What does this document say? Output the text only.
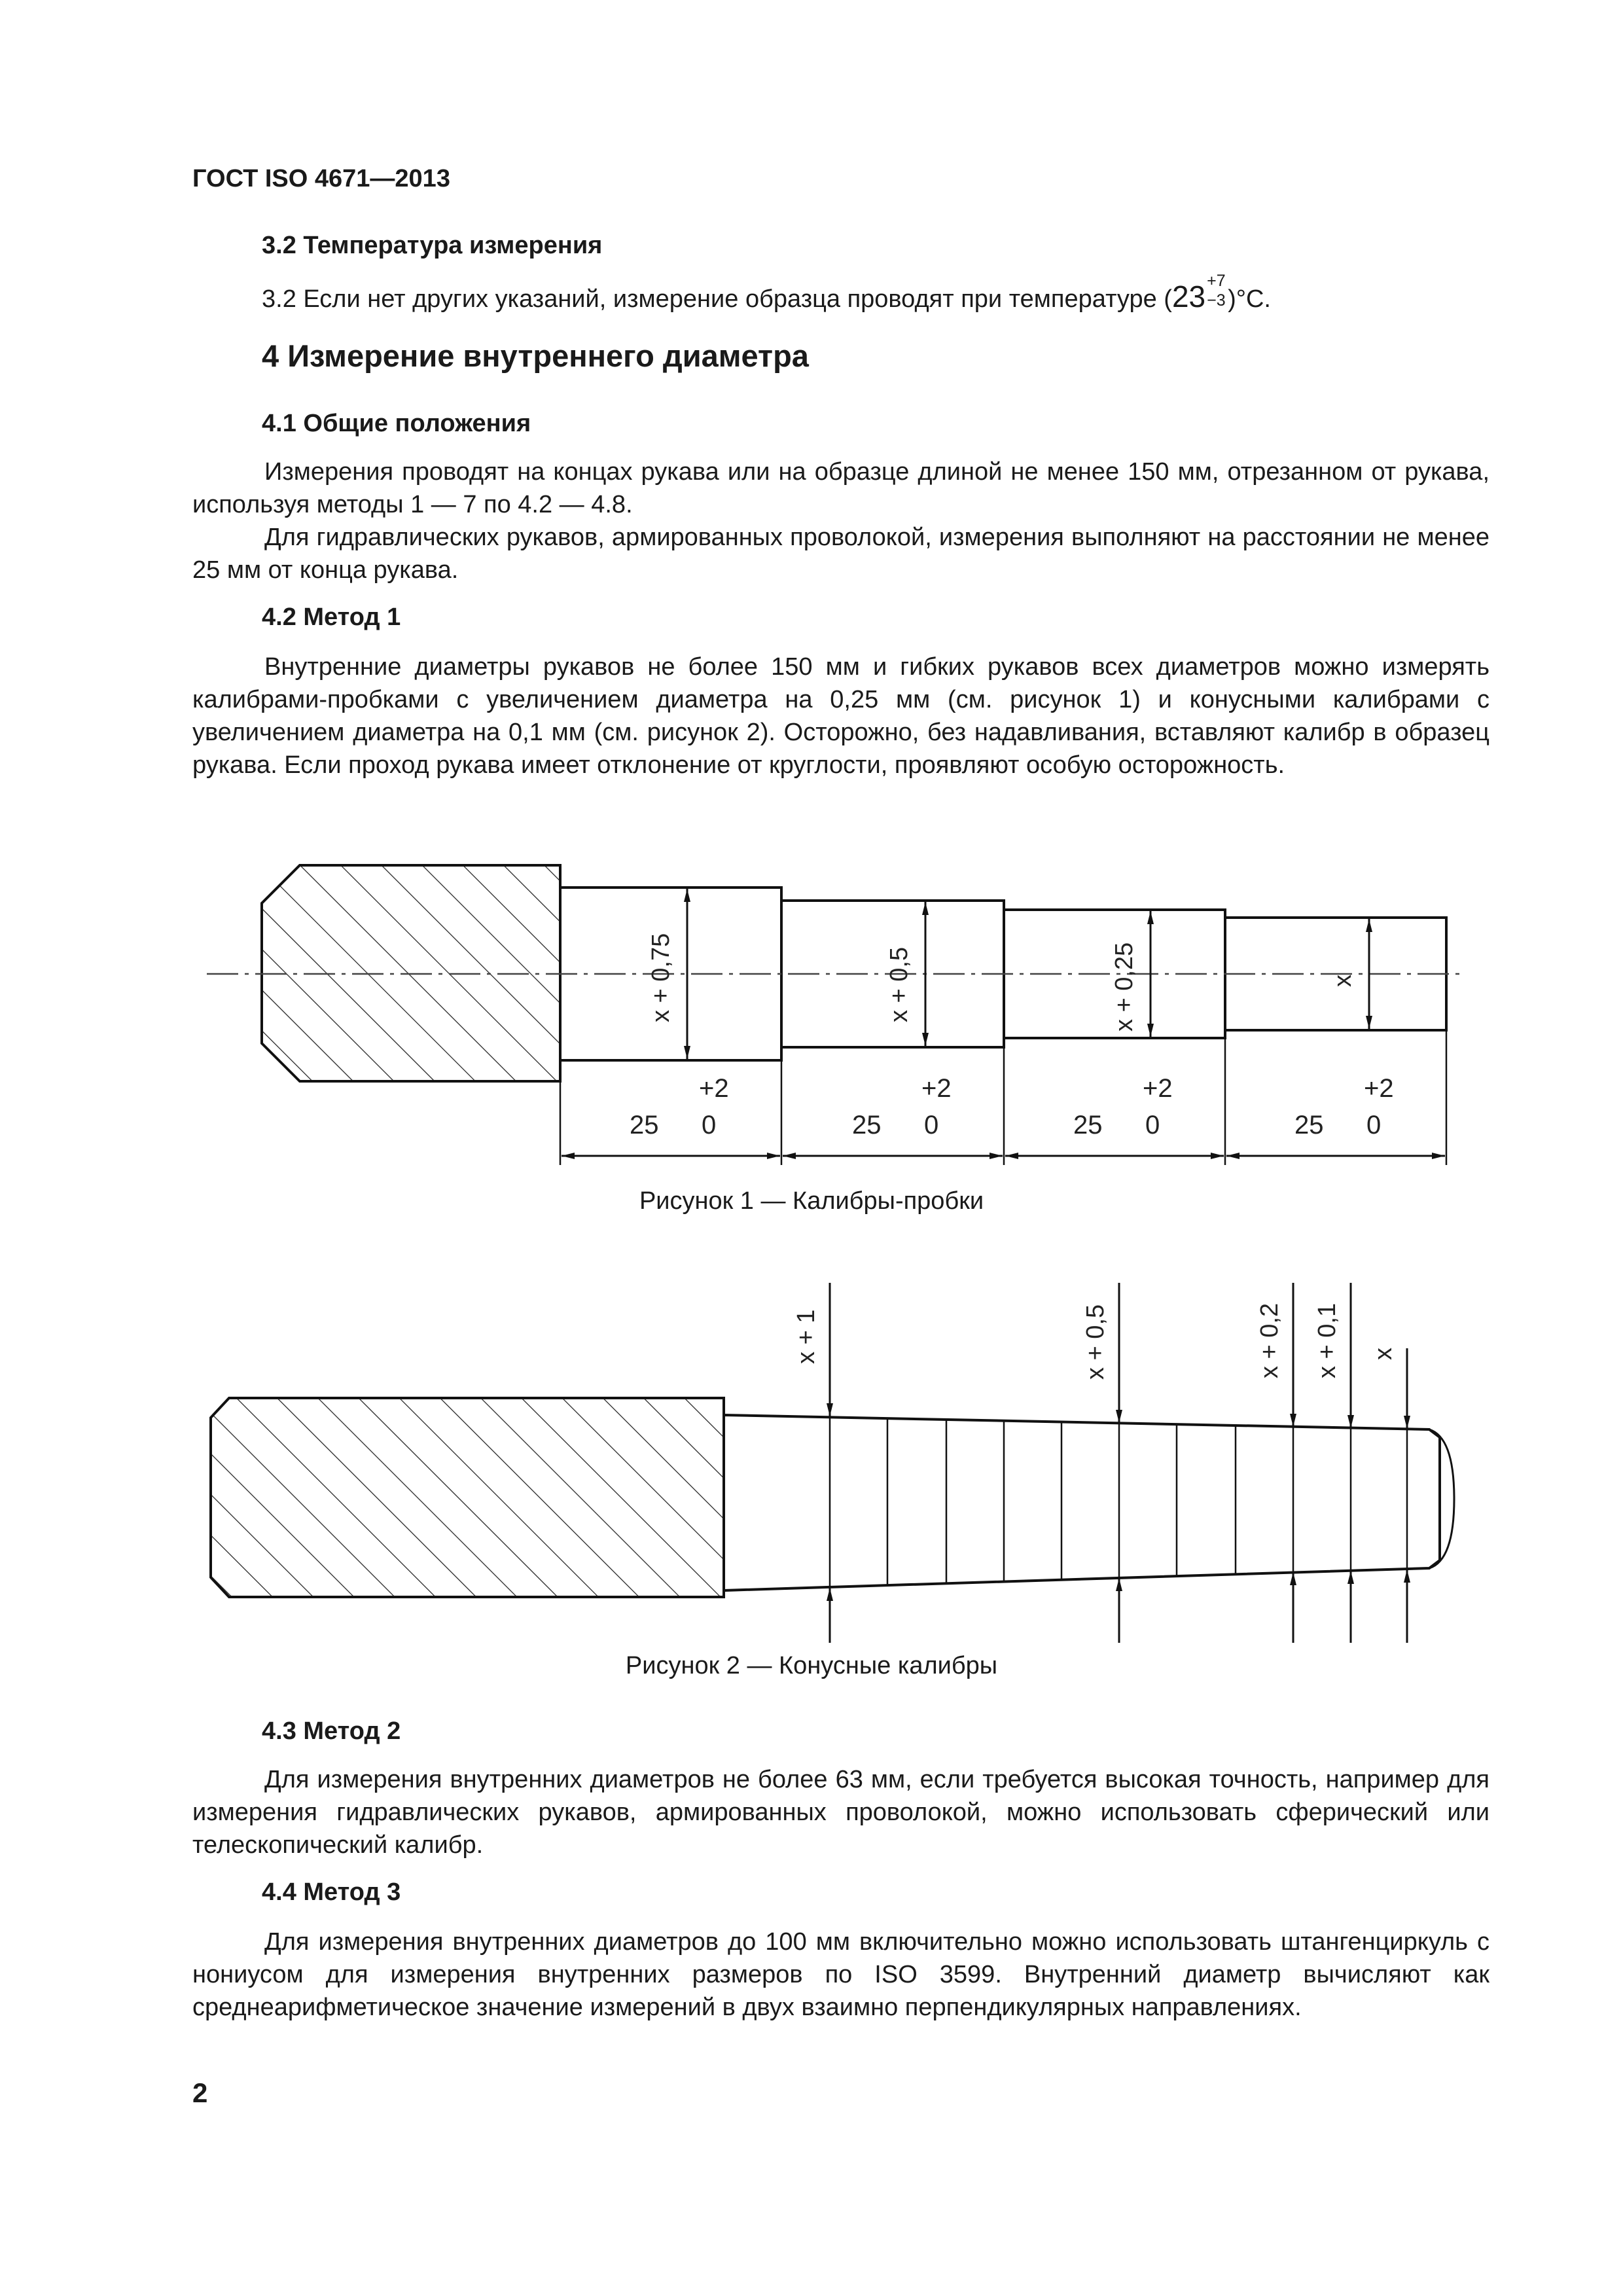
ГОСТ ISO 4671—2013
3.2 Температура измерения
3.2 Если нет других указаний, измерение образца проводят при температуре (23 +7
−3 )°С.
4 Измерение внутреннего диаметра
4.1 Общие положения

Измерения проводят на концах рукава или на образце длиной не менее 150 мм, отрезанном от рукава, используя методы 1 — 7 по 4.2 — 4.8.

Для гидравлических рукавов, армированных проволокой, измерения выполняют на расстоянии не менее 25 мм от конца рукава.

4.2 Метод 1

Внутренние диаметры рукавов не более 150 мм и гибких рукавов всех диаметров можно измерять калибрами-пробками с увеличением диаметра на 0,25 мм (см. рисунок 1) и конусными калибрами с увеличением диаметра на 0,1 мм (см. рисунок 2). Осторожно, без надавливания, вставляют калибр в образец рукава. Если проход рукава имеет отклонение от круглости, проявляют особую осторожность.

x + 0,75	x + 0,5	x + 0,25	x
25
+2
0	25
+2
0	25
+2
0	25
+2
0
Рисунок 1 — Калибры-пробки
x + 1	x + 0,5	x + 0,2 x + 0,1 x
Рисунок 2 — Конусные калибры
4.3 Метод 2

Для измерения внутренних диаметров не более 63 мм, если требуется высокая точность, например для измерения гидравлических рукавов, армированных проволокой, можно использовать сферический или телескопический калибр.

4.4 Метод 3

Для измерения внутренних диаметров до 100 мм включительно можно использовать штангенциркуль с нониусом для измерения внутренних размеров по ISO 3599. Внутренний диаметр вычисляют как среднеарифметическое значение измерений в двух взаимно перпендикулярных направлениях.

2
